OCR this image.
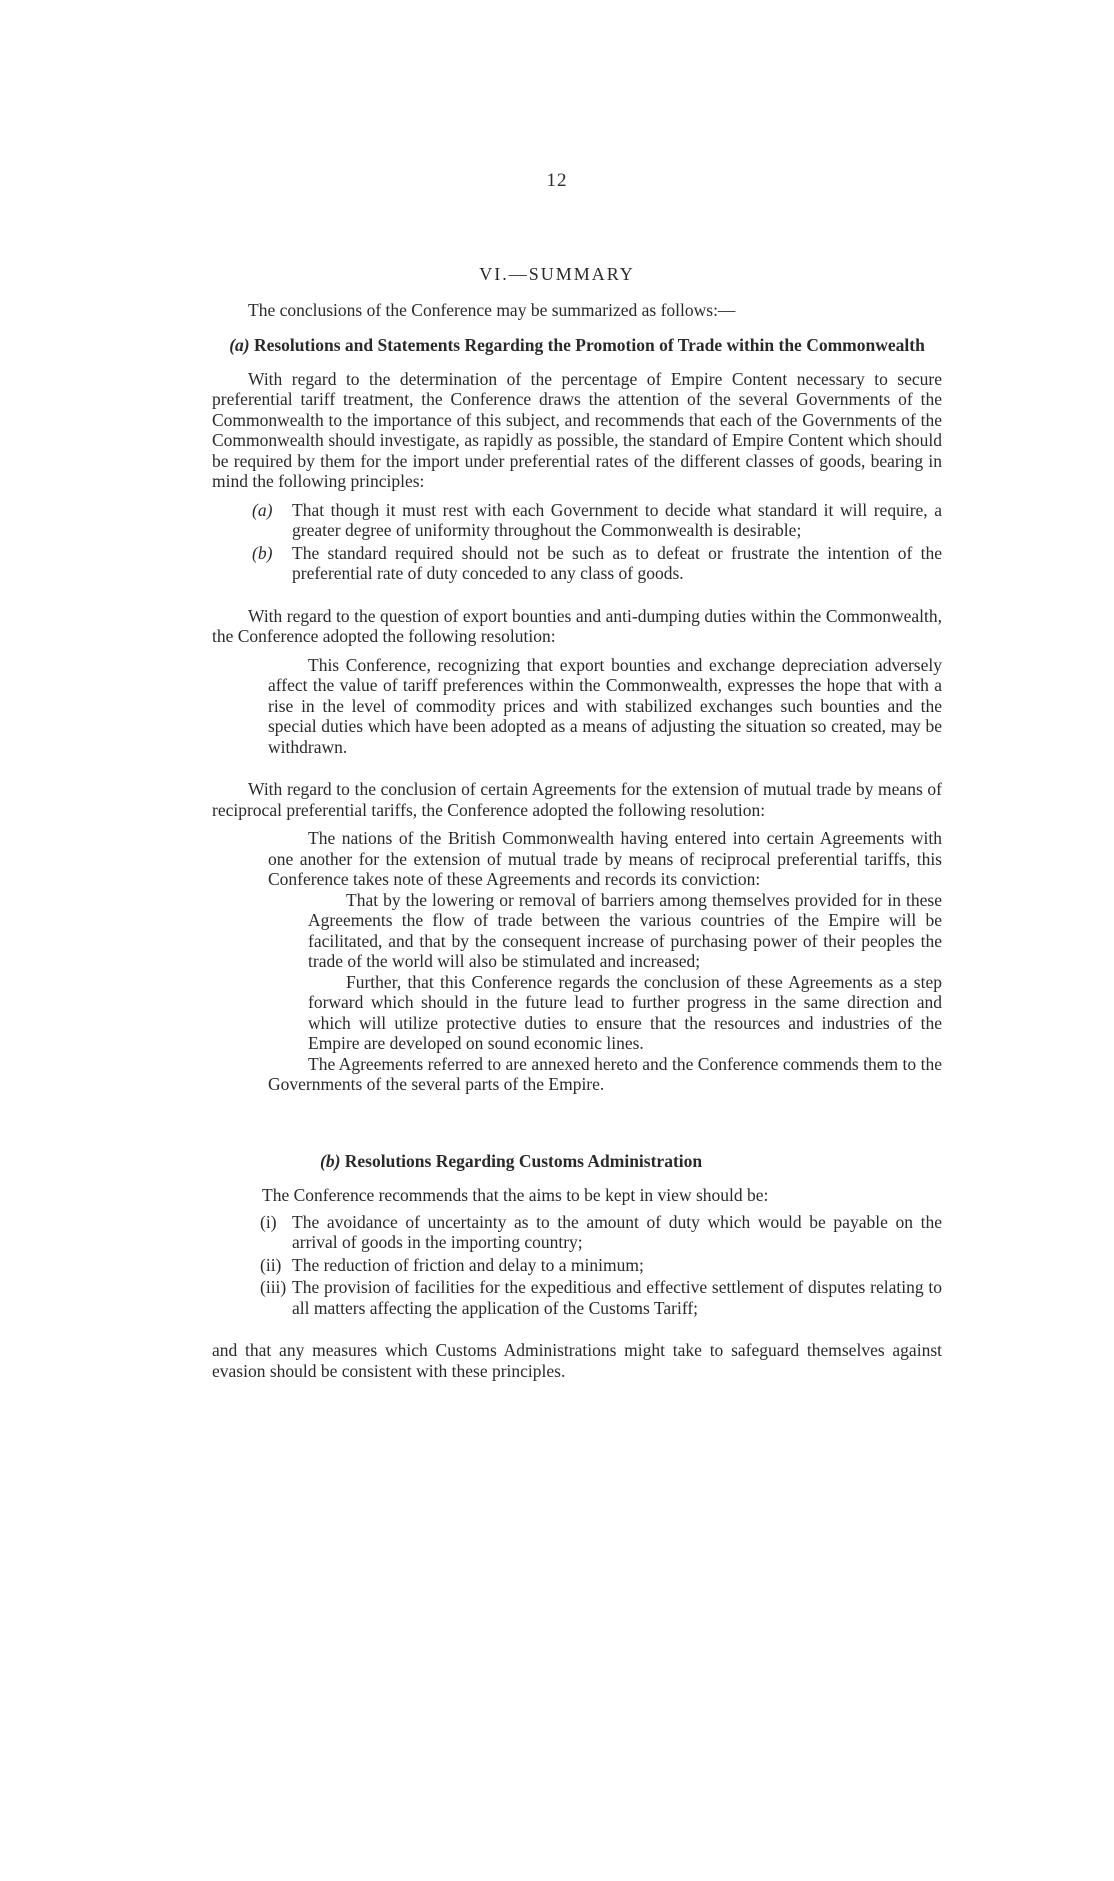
12
VI.—SUMMARY

The conclusions of the Conference may be summarized as follows:—

(a) Resolutions and Statements Regarding the Promotion of Trade within the Commonwealth

With regard to the determination of the percentage of Empire Content necessary to secure preferential tariff treatment, the Conference draws the attention of the several Governments of the Commonwealth to the importance of this subject, and recommends that each of the Governments of the Commonwealth should investigate, as rapidly as possible, the standard of Empire Content which should be required by them for the import under preferential rates of the different classes of goods, bearing in mind the following principles:

(a)	That though it must rest with each Government to decide what standard it will require, a greater degree of uniformity throughout the Commonwealth is desirable;
(b)	The standard required should not be such as to defeat or frustrate the intention of the preferential rate of duty conceded to any class of goods.

With regard to the question of export bounties and anti-dumping duties within the Commonwealth, the Conference adopted the following resolution:

This Conference, recognizing that export bounties and exchange depreciation adversely affect the value of tariff preferences within the Commonwealth, expresses the hope that with a rise in the level of commodity prices and with stabilized exchanges such bounties and the special duties which have been adopted as a means of adjusting the situation so created, may be withdrawn.

With regard to the conclusion of certain Agreements for the extension of mutual trade by means of reciprocal preferential tariffs, the Conference adopted the following resolution:

The nations of the British Commonwealth having entered into certain Agreements with one another for the extension of mutual trade by means of reciprocal preferential tariffs, this Conference takes note of these Agreements and records its conviction:

That by the lowering or removal of barriers among themselves provided for in these Agreements the flow of trade between the various countries of the Empire will be facilitated, and that by the consequent increase of purchasing power of their peoples the trade of the world will also be stimulated and increased;

Further, that this Conference regards the conclusion of these Agreements as a step forward which should in the future lead to further progress in the same direction and which will utilize protective duties to ensure that the resources and industries of the Empire are developed on sound economic lines.

The Agreements referred to are annexed hereto and the Conference commends them to the Governments of the several parts of the Empire.

(b) Resolutions Regarding Customs Administration

The Conference recommends that the aims to be kept in view should be:

(i) The avoidance of uncertainty as to the amount of duty which would be payable on the arrival of goods in the importing country;
(ii) The reduction of friction and delay to a minimum;
(iii) The provision of facilities for the expeditious and effective settlement of disputes relating to all matters affecting the application of the Customs Tariff;

and that any measures which Customs Administrations might take to safeguard themselves against evasion should be consistent with these principles.
